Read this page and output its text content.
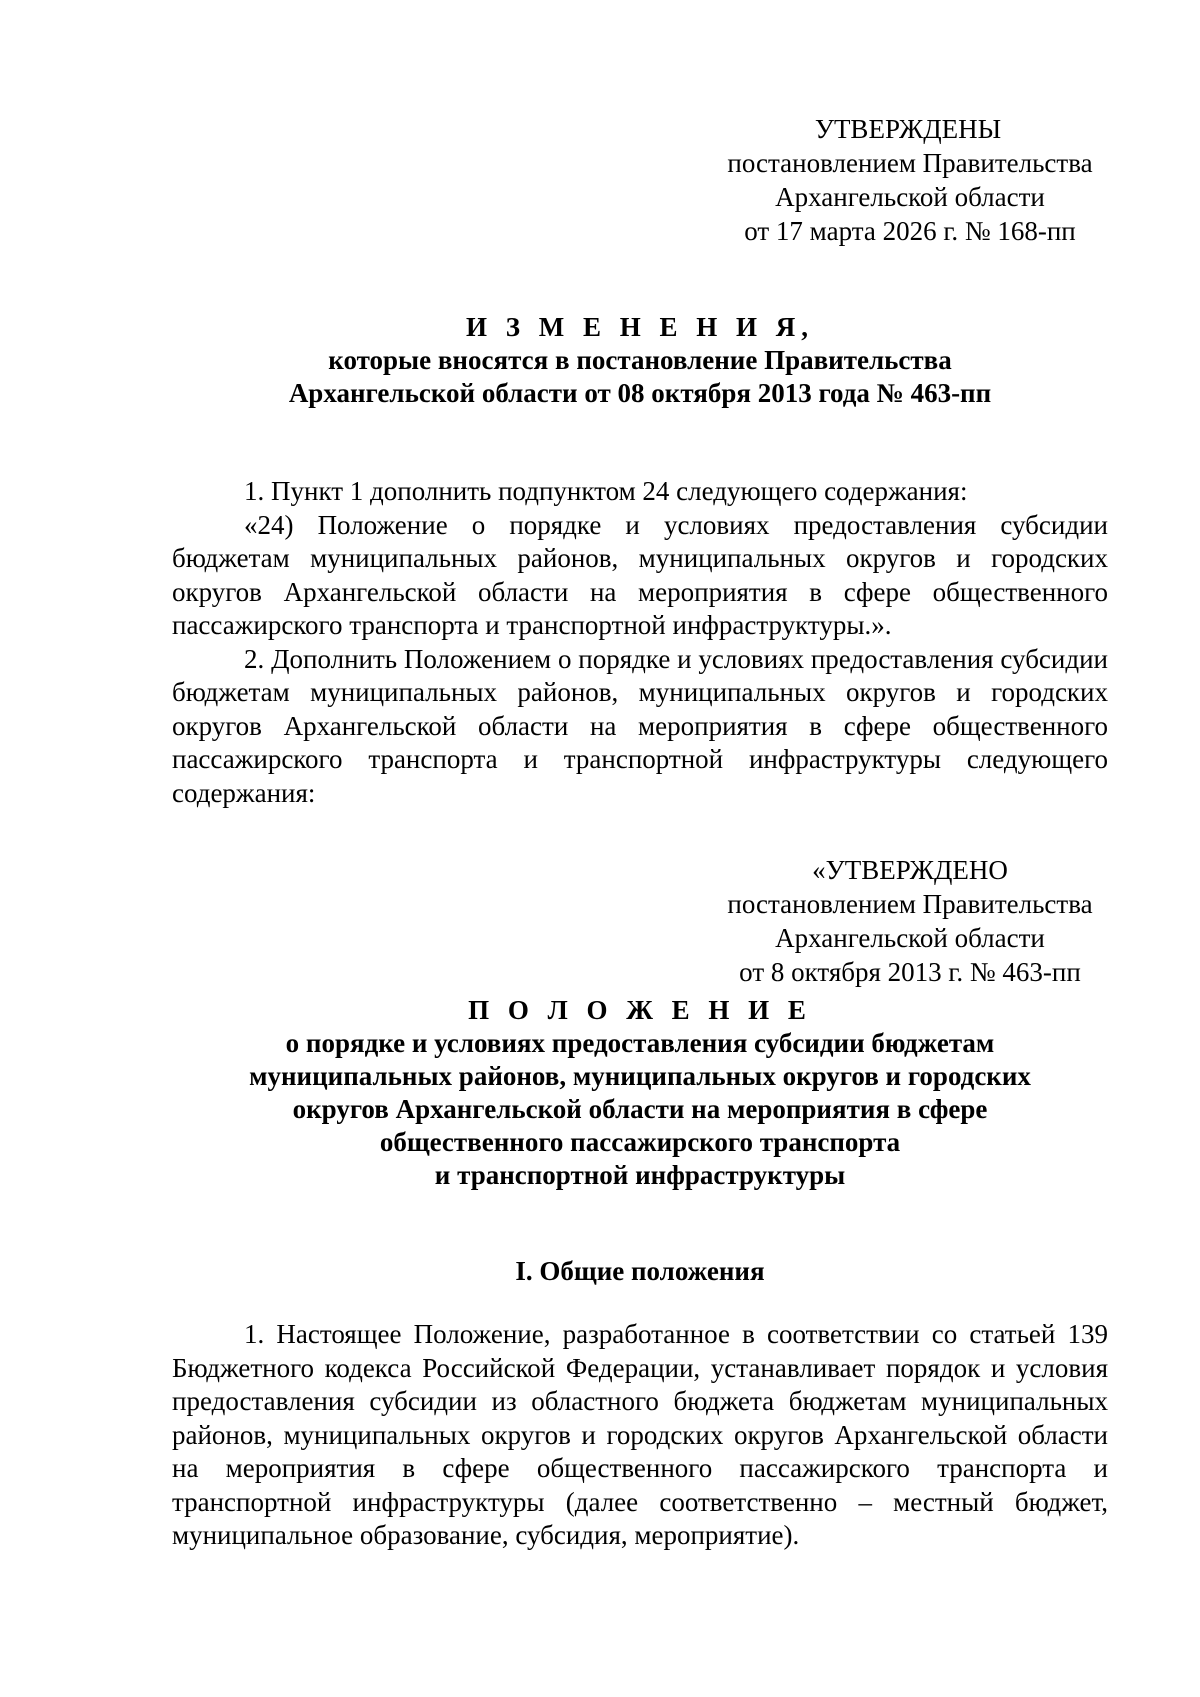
УТВЕРЖДЕНЫ
постановлением Правительства
Архангельской области
от 17 марта 2026 г. № 168-пп
И З М Е Н Е Н И Я,
которые вносятся в постановление Правительства
Архангельской области от 08 октября 2013 года № 463-пп
1. Пункт 1 дополнить подпунктом 24 следующего содержания:
«24) Положение о порядке и условиях предоставления субсидии бюджетам муниципальных районов, муниципальных округов и городских округов Архангельской области на мероприятия в сфере общественного пассажирского транспорта и транспортной инфраструктуры.».
2. Дополнить Положением о порядке и условиях предоставления субсидии бюджетам муниципальных районов, муниципальных округов и городских округов Архангельской области на мероприятия в сфере общественного пассажирского транспорта и транспортной инфраструктуры следующего содержания:
«УТВЕРЖДЕНО
постановлением Правительства
Архангельской области
от 8 октября 2013 г. № 463-пп
П О Л О Ж Е Н И Е
о порядке и условиях предоставления субсидии бюджетам
муниципальных районов, муниципальных округов и городских
округов Архангельской области на мероприятия в сфере
общественного пассажирского транспорта
и транспортной инфраструктуры
I. Общие положения
1. Настоящее Положение, разработанное в соответствии со статьей 139 Бюджетного кодекса Российской Федерации, устанавливает порядок и условия предоставления субсидии из областного бюджета бюджетам муниципальных районов, муниципальных округов и городских округов Архангельской области на мероприятия в сфере общественного пассажирского транспорта и транспортной инфраструктуры (далее соответственно – местный бюджет, муниципальное образование, субсидия, мероприятие).
